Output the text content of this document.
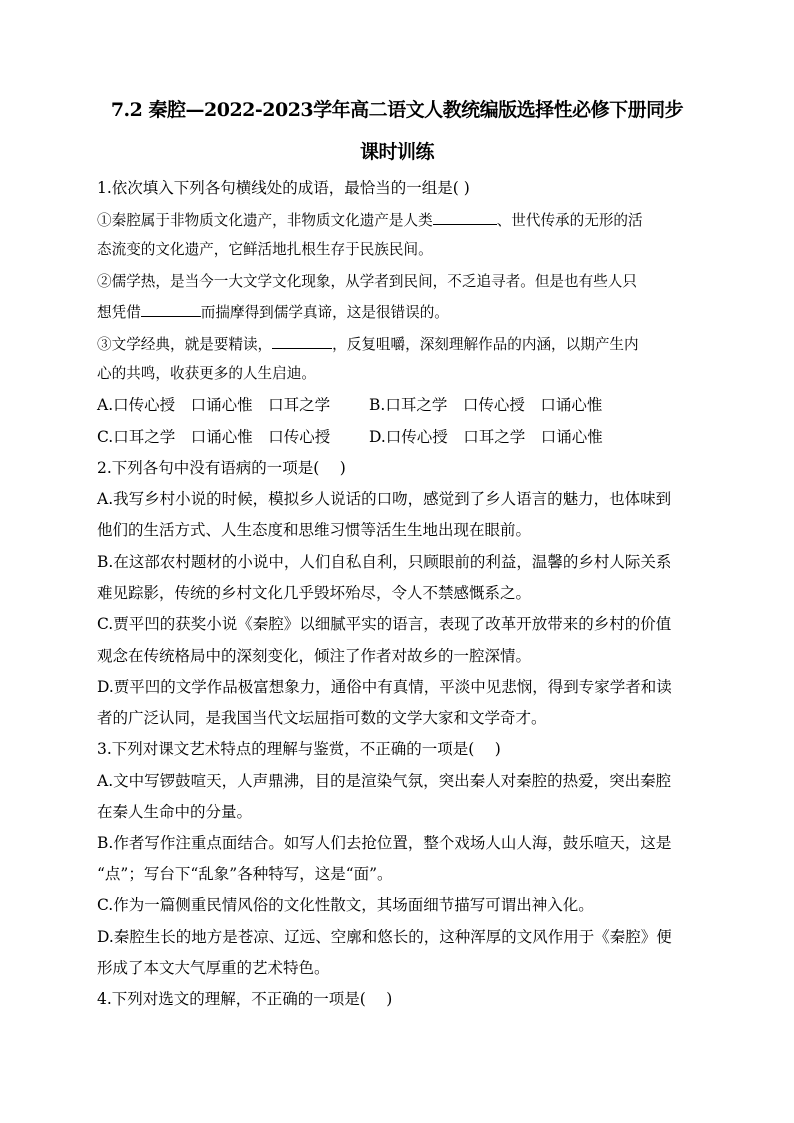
7.2 秦腔—2022-2023学年高二语文人教统编版选择性必修下册同步
课时训练
1.依次填入下列各句横线处的成语，最恰当的一组是( )
①秦腔属于非物质文化遗产，非物质文化遗产是人类	、世代传承的无形的活
态流变的文化遗产，它鲜活地扎根生存于民族民间。
②儒学热，是当今一大文学文化现象，从学者到民间，不乏追寻者。但是也有些人只
想凭借	而揣摩得到儒学真谛，这是很错误的。
③文学经典，就是要精读，	，反复咀嚼，深刻理解作品的内涵，以期产生内
心的共鸣，收获更多的人生启迪。
A.口传心授　口诵心惟　口耳之学	B.口耳之学　口传心授　口诵心惟
C.口耳之学　口诵心惟　口传心授	D.口传心授　口耳之学　口诵心惟
2.下列各句中没有语病的一项是(　 )
A.我写乡村小说的时候，模拟乡人说话的口吻，感觉到了乡人语言的魅力，也体味到
他们的生活方式、人生态度和思维习惯等活生生地出现在眼前。
B.在这部农村题材的小说中，人们自私自利，只顾眼前的利益，温馨的乡村人际关系
难见踪影，传统的乡村文化几乎毁坏殆尽，令人不禁感慨系之。
C.贾平凹的获奖小说《秦腔》以细腻平实的语言，表现了改革开放带来的乡村的价值
观念在传统格局中的深刻变化，倾注了作者对故乡的一腔深情。
D.贾平凹的文学作品极富想象力，通俗中有真情，平淡中见悲悯，得到专家学者和读
者的广泛认同，是我国当代文坛屈指可数的文学大家和文学奇才。
3.下列对课文艺术特点的理解与鉴赏，不正确的一项是(　 )
A.文中写锣鼓喧天，人声鼎沸，目的是渲染气氛，突出秦人对秦腔的热爱，突出秦腔
在秦人生命中的分量。
B.作者写作注重点面结合。如写人们去抢位置，整个戏场人山人海，鼓乐喧天，这是
“点”；写台下“乱象”各种特写，这是“面”。
C.作为一篇侧重民情风俗的文化性散文，其场面细节描写可谓出神入化。
D.秦腔生长的地方是苍凉、辽远、空廓和悠长的，这种浑厚的文风作用于《秦腔》便
形成了本文大气厚重的艺术特色。
4.下列对选文的理解，不正确的一项是(　 )
